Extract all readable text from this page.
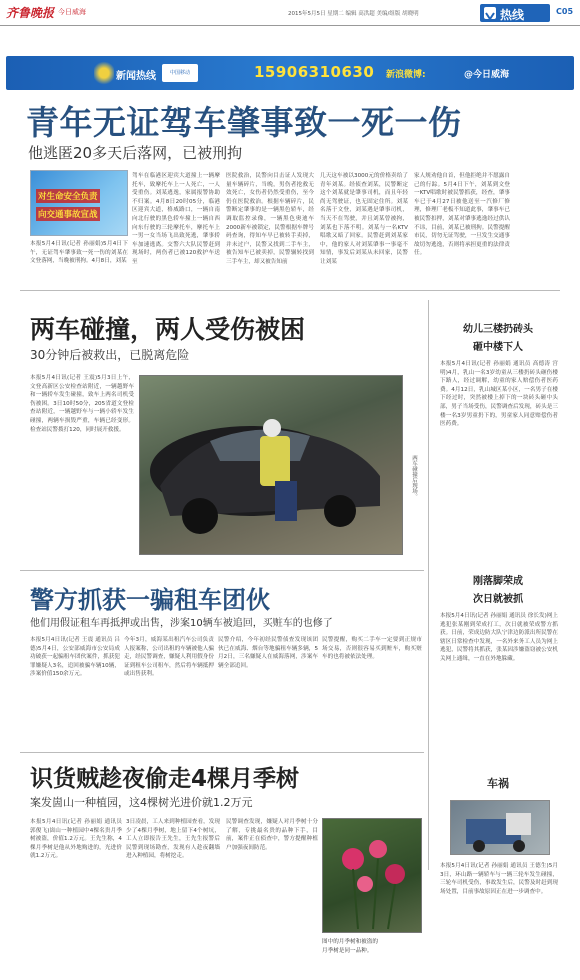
齐鲁晚报 今日威海	2015年5月5日 星期二 编辑 高洪超 美编/组版 胡晓明	热线	C05
新闻热线	中国移动	15906310630 新浪微博:	@今日威海
青年无证驾车肇事致一死一伤
他逃匿20多天后落网，已被刑拘
对生命安全负责
向交通事故宣战
本报5月4日讯(记者 孙丽娟)5月4日下午，无证驾车肇事致一死一伤的刘某在文登落网，当晚被刑拘。4月8日，刘某
驾车在临港区迎宾大道撞上一辆摩托车，致摩托车上一人死亡，一人受重伤。刘某逃逸，家属报警协助不归案。4月8日20时05分，临港区迎宾大道，格威路口，一辆自南向北行驶的黑色轿车撞上一辆自西向东行驶的三轮摩托车，摩托车上一男一女当场飞出致死逃，肇事轿车加速逃离。交警六大队民警赶到现场时，两伤者已被120救护车送至
医院救治，民警向目击证人发现大量车辆碎片，当晚，男伤者抢救无效死亡，女伤者仍然受重伤，至今仍在医院救治。根据车辆碎片，民警断定肇事的是一辆黑色轿车，经调取监控录像，一辆黑色奥迪车2000新车被锁定，民警根据车牌号码查询，得知车早已被转手卖掉，并未过户，民警又找到二手车主，被告知车已被卖掉，民警辗转找到三手车主，却又被告知前
几天这车被以3000元的价格卖给了青年刘某。经侦查刘某，民警断定这个刘某就是肇事司机，而且年轻尚无驾驶证，也无固定住所。刘某名落于文登，刘某遇是肇事司机，当天不在驾驶，并且刘某曾被拘，刘某也下落不明。刘某与一名KTV唱歌又暗了回家。民警赶到刘某家中，他的家人对刘某肇事一事毫不知情，事发后刘某从未回家，民警让刘某
家人规劝他自首，但他拒绝并不愿露自己的行踪。5月4日下午，刘某到文登一KTV唱歌时被民警抓获，经查，肇事车已于4月27日被他送至一汽修厂修理，修理厂老板不知道此事，肇事车已被民警扣押，刘某对肇事逃逸经过供认不讳，目前，刘某已被刑拘。民警提醒市民，切勿无证驾驶，一旦发生交通事故切勿逃逸，否则将承担更重的法律责任。
两车碰撞，两人受伤被困
30分钟后被救出，已脱离危险
本报5月4日讯(记者 王震)5月3日上午，文登高新区公安检查站附近，一辆越野车和一辆轿车发生碰撞，致车上两名司机受伤被困。3日10时50分，205省道文登检查站附近，一辆越野车与一辆小轿车发生碰撞，两辆车损毁严重，车辆已经变形。检查站民警拨打120，同时展开救援。
两车碰撞后现场。
幼儿三楼扔砖头
砸中楼下人
本报5月4日讯(记者 孙丽娟 通讯员 高德涛 宫明)4月，乳山一名3岁幼童从三楼扔砖头砸伤楼下路人，经过调解，幼童的家人赔偿伤者医药费。4月12日，乳山城区某小区，一名男子在楼下经过时，突然被楼上掉下的一块砖头砸中头部，男子当场受伤，民警调查后发现，砖头是三楼一名3岁男童扔下的，男童家人同意赔偿伤者医药费。
刚落脚荣成
次日就被抓
本报5月4日讯(记者 孙丽娟 通讯员 徐长发)网上逃犯张某刚到荣成打工，次日就被荣成警方抓获。日前，荣成边防大队宁津边防派出所民警在辖区日常检查中发现，一名外来务工人员为网上逃犯，民警将其抓获，张某因涉嫌盗窃被公安机关网上通缉，一直在外地躲藏。
车祸
本报5月4日讯(记者 孙丽娟 通讯员 王德生)5月3日，环山路一辆轿车与一辆三轮车发生碰撞，三轮车司机受伤，事故发生后，民警及时赶到现场处置，目前事故原因正在进一步调查中。
警方抓获一骗租车团伙
他们用假证租车再抵押或出售，涉案10辆车被追回，买赃车的也修了
本报5月4日讯(记者 王震 通讯员 吕德)5月4日，公安部威海市公安局成功破获一起骗租车团伙案件，抓获犯罪嫌疑人3名，追回被骗车辆10辆，涉案价值150余万元。
今年3月，威海某出租汽车公司负责人报案称，公司出租的车辆被他人骗走，经民警调查，嫌疑人利用假身份证到租车公司租车，然后将车辆抵押或出售获利。
民警介绍，今年初经民警侦查发现该团伙已在威海、烟台等地骗租车辆多辆，5月2日，三名嫌疑人在威海落网，涉案车辆全部追回。
民警提醒，购买二手车一定要到正规市场交易，否则很容易买到赃车，购买赃车的也将被依法处理。
识货贼趁夜偷走4棵月季树
案发崮山一种植园，这4棵树光进价就1.2万元
本报5月4日讯(记者 孙丽娟 通讯员 郭俊飞)崮山一种植园中4棵名贵月季树被盗，价值1.2万元。王先生称，4棵月季树是他从外地购进的，光进价就1.2万元。
3日凌晨，工人来到种植园查看，发现少了4棵月季树，地上留下4个树坑，工人立即报告王先生，王先生报警后民警到现场勘查，发现有人趁夜翻墙进入种植园，将树挖走。
民警调查发现，嫌疑人对月季树十分了解，专挑最名贵的品种下手，目前，案件正在侦查中，警方提醒种植户加强夜间防范。
图中的月季树和被盗的
月季树是同一品种。
